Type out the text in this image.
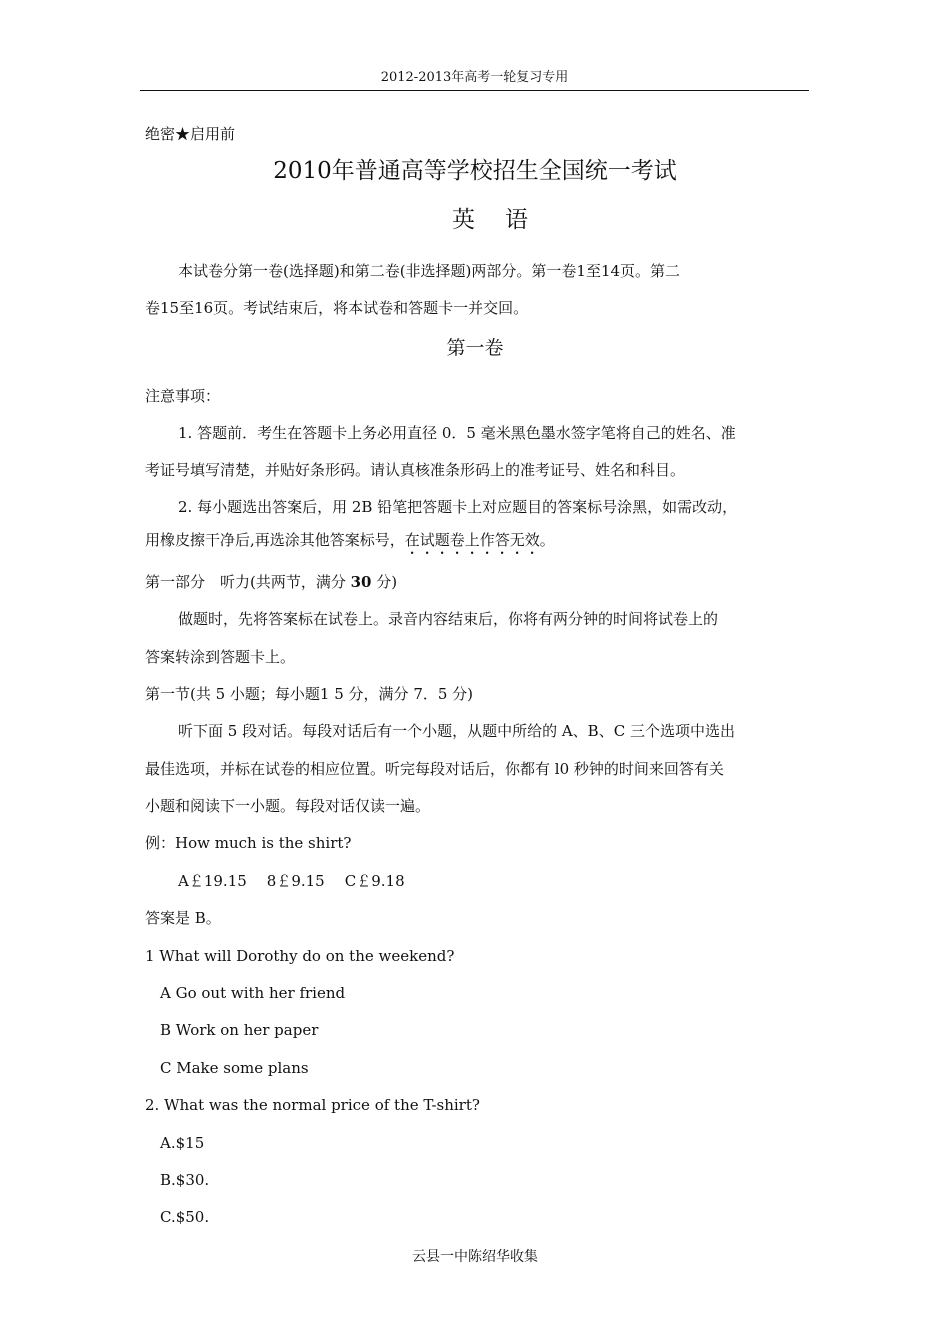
2012-2013年高考一轮复习专用
绝密★启用前
2010年普通高等学校招生全国统一考试
英语
本试卷分第一卷(选择题)和第二卷(非选择题)两部分。第一卷1至14页。第二
卷15至16页。考试结束后，将本试卷和答题卡一并交回。
第一卷
注意事项：
1. 答题前．考生在答题卡上务必用直径 0．5 毫米黑色墨水签字笔将自己的姓名、准
考证号填写清楚，并贴好条形码。请认真核准条形码上的准考证号、姓名和科目。
2. 每小题选出答案后，用 2B 铅笔把答题卡上对应题目的答案标号涂黑，如需改动，
用橡皮擦干净后,再选涂其他答案标号，在试题卷上作答无效。
第一部分　听力(共两节，满分 30 分)
做题时，先将答案标在试卷上。录音内容结束后，你将有两分钟的时间将试卷上的
答案转涂到答题卡上。
第一节(共 5 小题；每小题1 5 分，满分 7．5 分)
听下面 5 段对话。每段对话后有一个小题，从题中所给的 A、B、C 三个选项中选出
最佳选项，并标在试卷的相应位置。听完每段对话后，你都有 l0 秒钟的时间来回答有关
小题和阅读下一小题。每段对话仅读一遍。
例：How much is the shirt?
A￡19.15 8￡9.15 C￡9.18
答案是 B。
1 What will Dorothy do on the weekend?
A Go out with her friend
B Work on her paper
C Make some plans
2. What was the normal price of the T-shirt?
A.$15
B.$30.
C.$50.
云县一中陈绍华收集
